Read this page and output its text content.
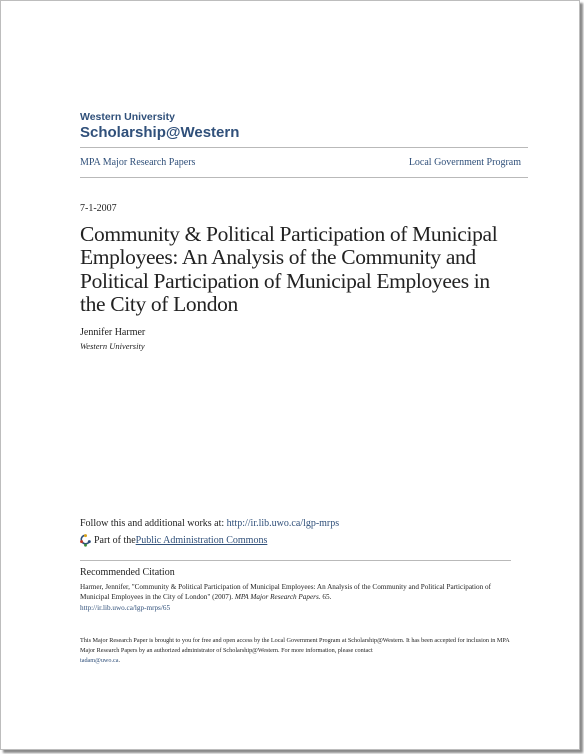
Western University
Scholarship@Western
MPA Major Research Papers	Local Government Program
7-1-2007
Community & Political Participation of Municipal Employees: An Analysis of the Community and Political Participation of Municipal Employees in the City of London
Jennifer Harmer
Western University
Follow this and additional works at: http://ir.lib.uwo.ca/lgp-mrps
Part of the Public Administration Commons
Recommended Citation
Harmer, Jennifer, "Community & Political Participation of Municipal Employees: An Analysis of the Community and Political Participation of Municipal Employees in the City of London" (2007). MPA Major Research Papers. 65.
http://ir.lib.uwo.ca/lgp-mrps/65
This Major Research Paper is brought to you for free and open access by the Local Government Program at Scholarship@Western. It has been accepted for inclusion in MPA Major Research Papers by an authorized administrator of Scholarship@Western. For more information, please contact
tadam@uwo.ca.
